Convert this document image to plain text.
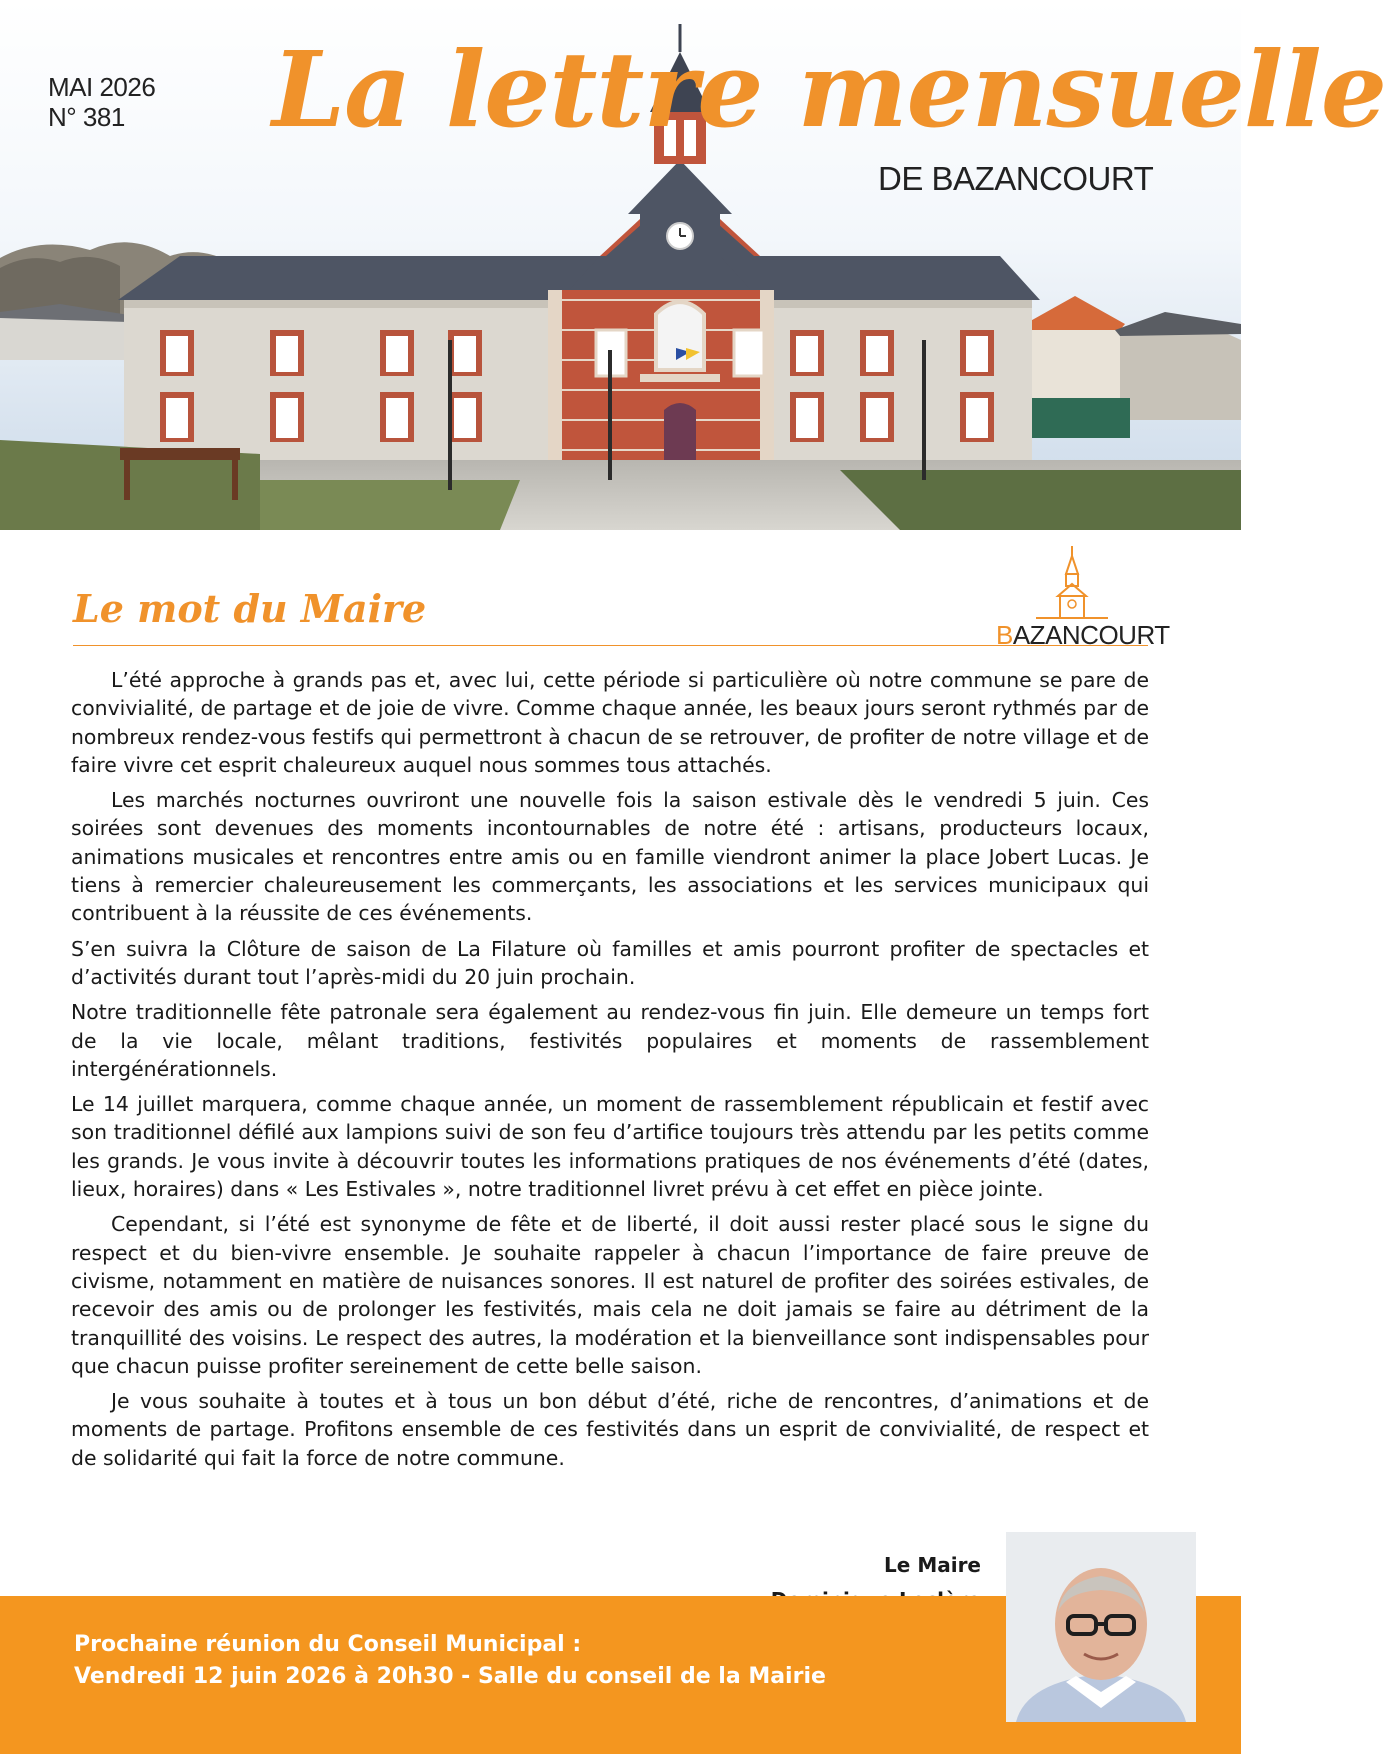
MAI 2026
N° 381 La lettre mensuelle
DE BAZANCOURT
Le mot du Maire
BAZANCOURT

L’été approche à grands pas et, avec lui, cette période si particulière où notre commune se pare de convivialité, de partage et de joie de vivre. Comme chaque année, les beaux jours seront rythmés par de nombreux rendez-vous festifs qui permettront à chacun de se retrouver, de profiter de notre village et de faire vivre cet esprit chaleureux auquel nous sommes tous attachés.

Les marchés nocturnes ouvriront une nouvelle fois la saison estivale dès le vendredi 5 juin. Ces soirées sont devenues des moments incontournables de notre été : artisans, producteurs locaux, animations musicales et rencontres entre amis ou en famille viendront animer la place Jobert Lucas. Je tiens à remercier chaleureusement les commerçants, les associations et les services municipaux qui contribuent à la réussite de ces événements.

S’en suivra la Clôture de saison de La Filature où familles et amis pourront profiter de spectacles et d’activités durant tout l’après-midi du 20 juin prochain.

Notre traditionnelle fête patronale sera également au rendez-vous fin juin. Elle demeure un temps fort de la vie locale, mêlant traditions, festivités populaires et moments de rassemblement intergénérationnels.

Le 14 juillet marquera, comme chaque année, un moment de rassemblement républicain et festif avec son traditionnel défilé aux lampions suivi de son feu d’artifice toujours très attendu par les petits comme les grands. Je vous invite à découvrir toutes les informations pratiques de nos événements d’été (dates, lieux, horaires) dans « Les Estivales », notre traditionnel livret prévu à cet effet en pièce jointe.

Cependant, si l’été est synonyme de fête et de liberté, il doit aussi rester placé sous le signe du respect et du bien-vivre ensemble. Je souhaite rappeler à chacun l’importance de faire preuve de civisme, notamment en matière de nuisances sonores. Il est naturel de profiter des soirées estivales, de recevoir des amis ou de prolonger les festivités, mais cela ne doit jamais se faire au détriment de la tranquillité des voisins. Le respect des autres, la modération et la bienveillance sont indispensables pour que chacun puisse profiter sereinement de cette belle saison.

Je vous souhaite à toutes et à tous un bon début d’été, riche de rencontres, d’animations et de moments de partage. Profitons ensemble de ces festivités dans un esprit de convivialité, de respect et de solidarité qui fait la force de notre commune.

Le Maire
Prochaine réunion du Conseil Municipal :
Vendredi 12 juin 2026 à 20h30 - Salle du conseil de la Mairie
